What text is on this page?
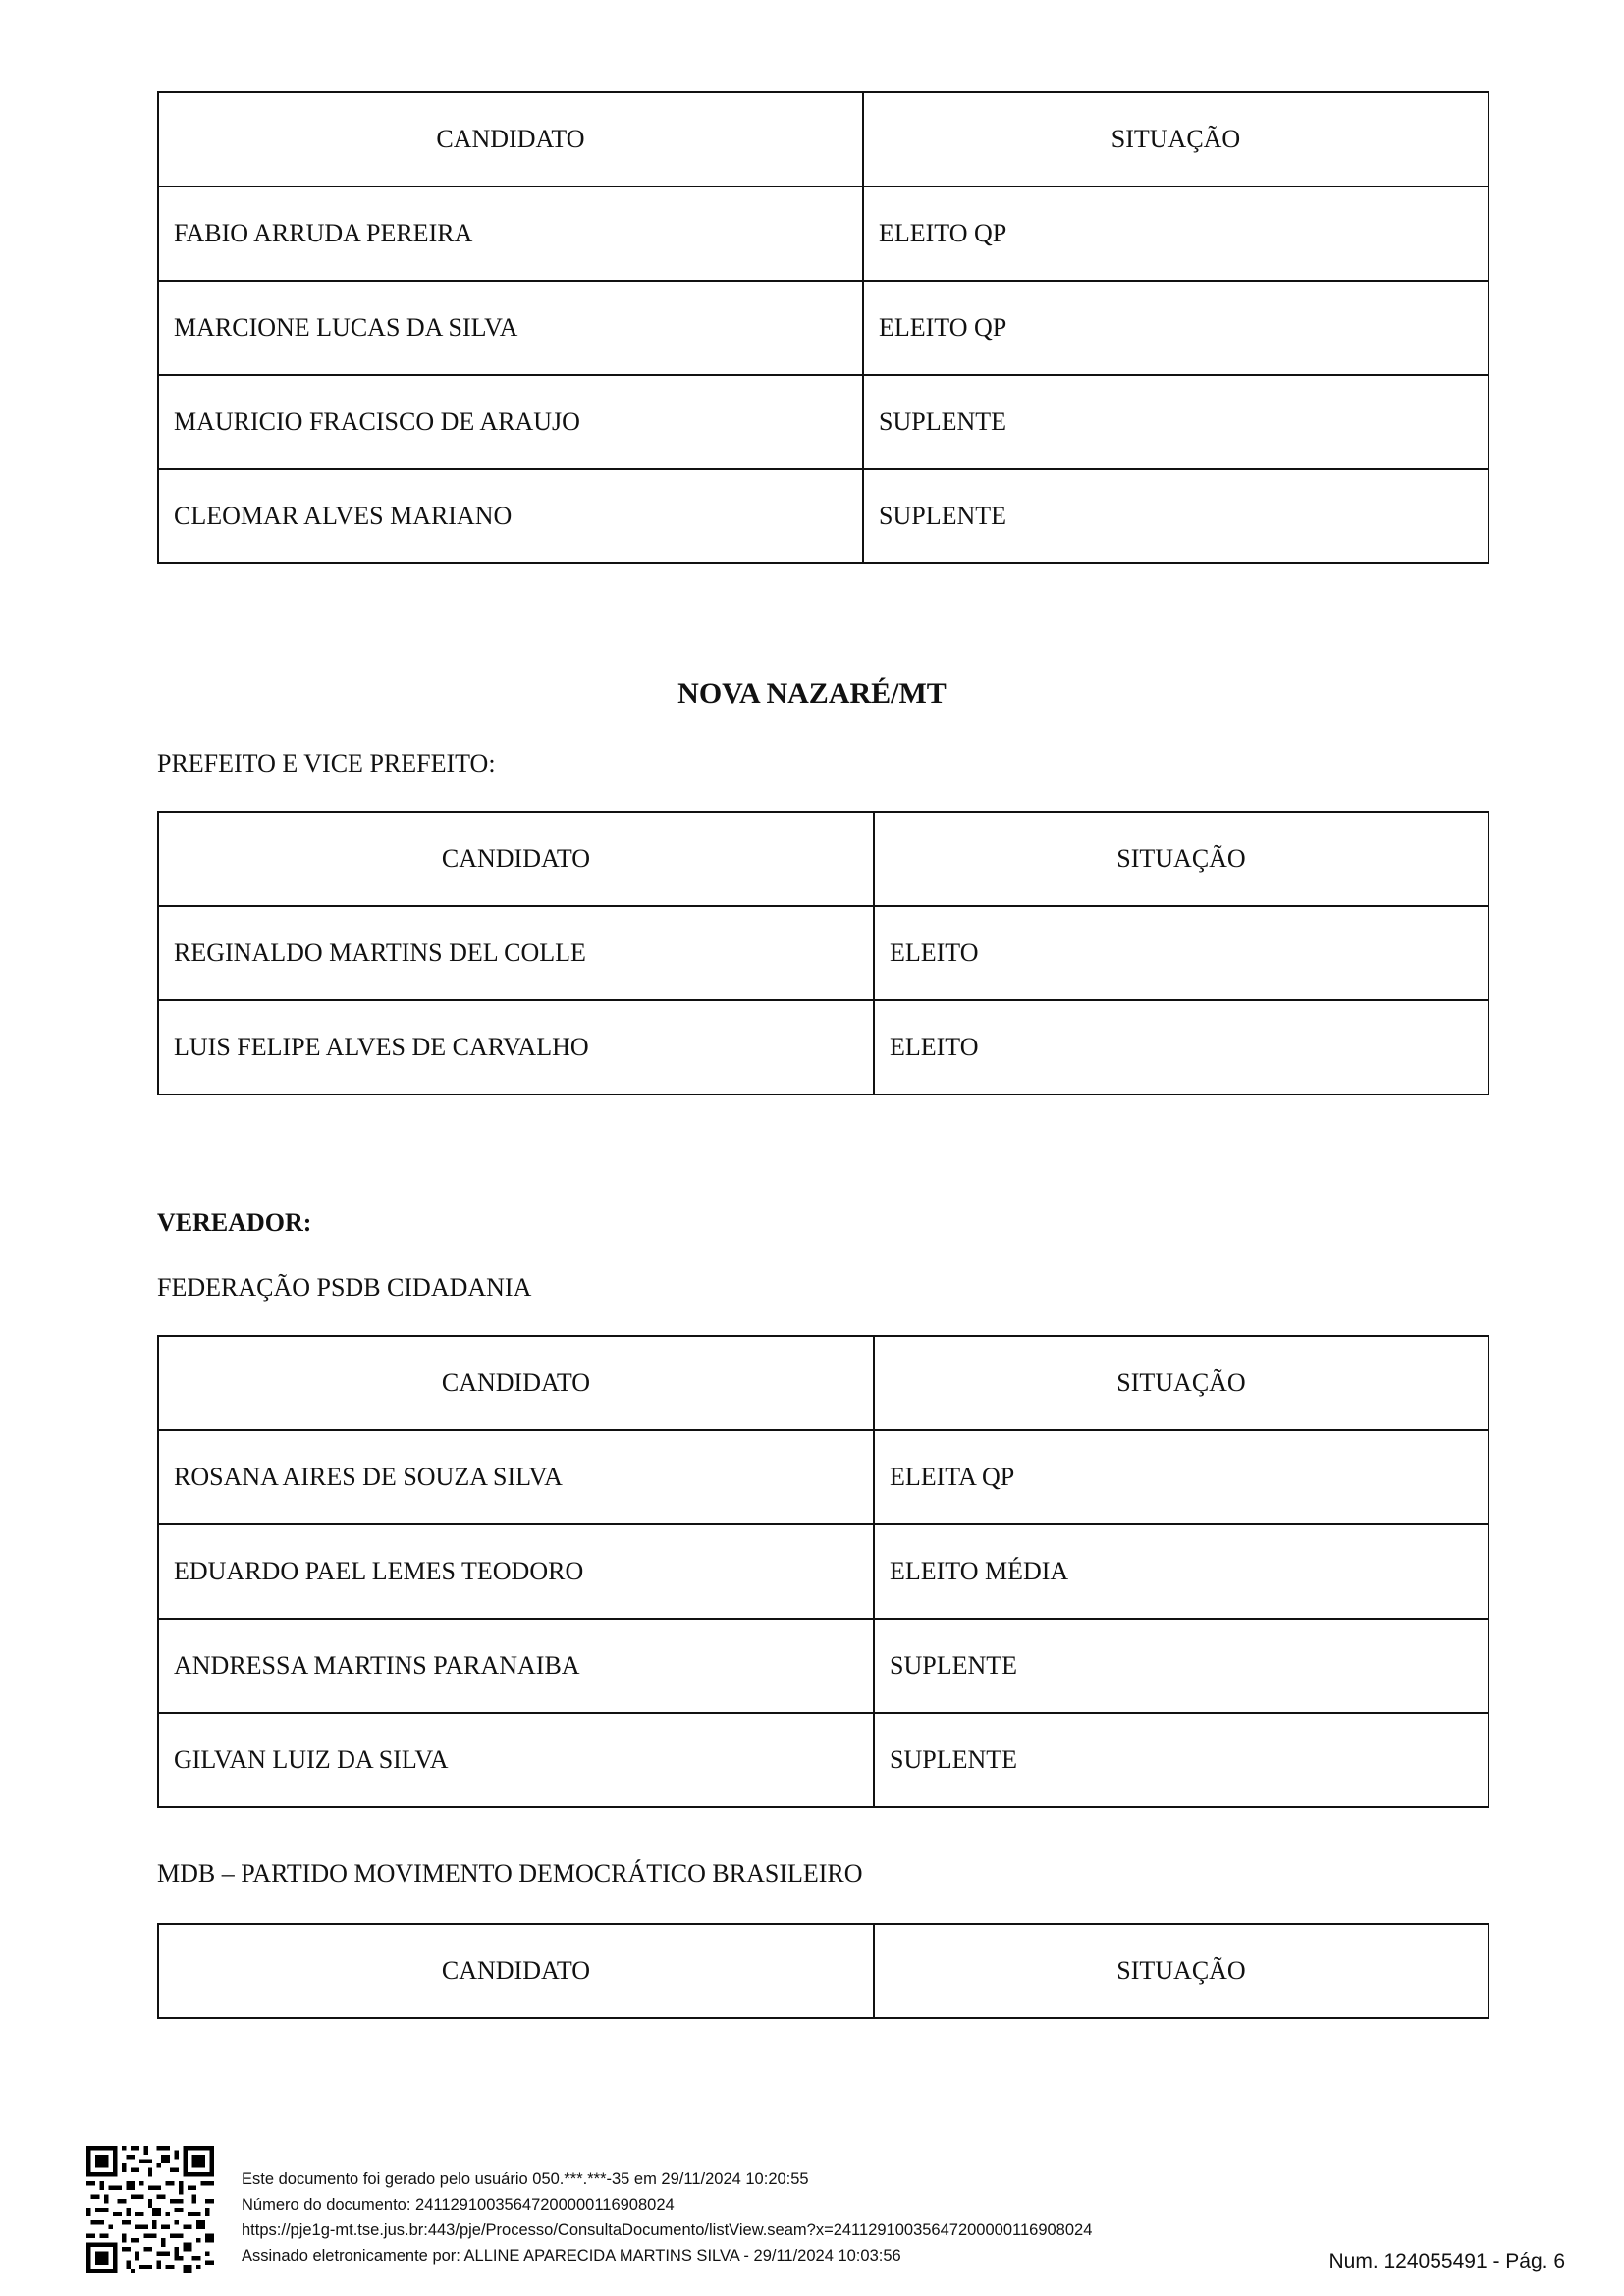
CANDIDATO	SITUAÇÃO
FABIO ARRUDA PEREIRA	ELEITO QP
MARCIONE LUCAS DA SILVA	ELEITO QP
MAURICIO FRACISCO DE ARAUJO	SUPLENTE
CLEOMAR ALVES MARIANO	SUPLENTE
NOVA NAZARÉ/MT
PREFEITO E VICE PREFEITO:
CANDIDATO	SITUAÇÃO
REGINALDO MARTINS DEL COLLE	ELEITO
LUIS FELIPE ALVES DE CARVALHO	ELEITO
VEREADOR:
FEDERAÇÃO PSDB CIDADANIA
CANDIDATO	SITUAÇÃO
ROSANA AIRES DE SOUZA SILVA	ELEITA QP
EDUARDO PAEL LEMES TEODORO	ELEITO MÉDIA
ANDRESSA MARTINS PARANAIBA	SUPLENTE
GILVAN LUIZ DA SILVA	SUPLENTE
MDB – PARTIDO MOVIMENTO DEMOCRÁTICO BRASILEIRO
CANDIDATO	SITUAÇÃO
Este documento foi gerado pelo usuário 050.***.***-35 em 29/11/2024 10:20:55
Número do documento: 24112910035647200000116908024
https://pje1g-mt.tse.jus.br:443/pje/Processo/ConsultaDocumento/listView.seam?x=24112910035647200000116908024
Assinado eletronicamente por: ALLINE APARECIDA MARTINS SILVA - 29/11/2024 10:03:56	Num. 124055491 - Pág. 6
